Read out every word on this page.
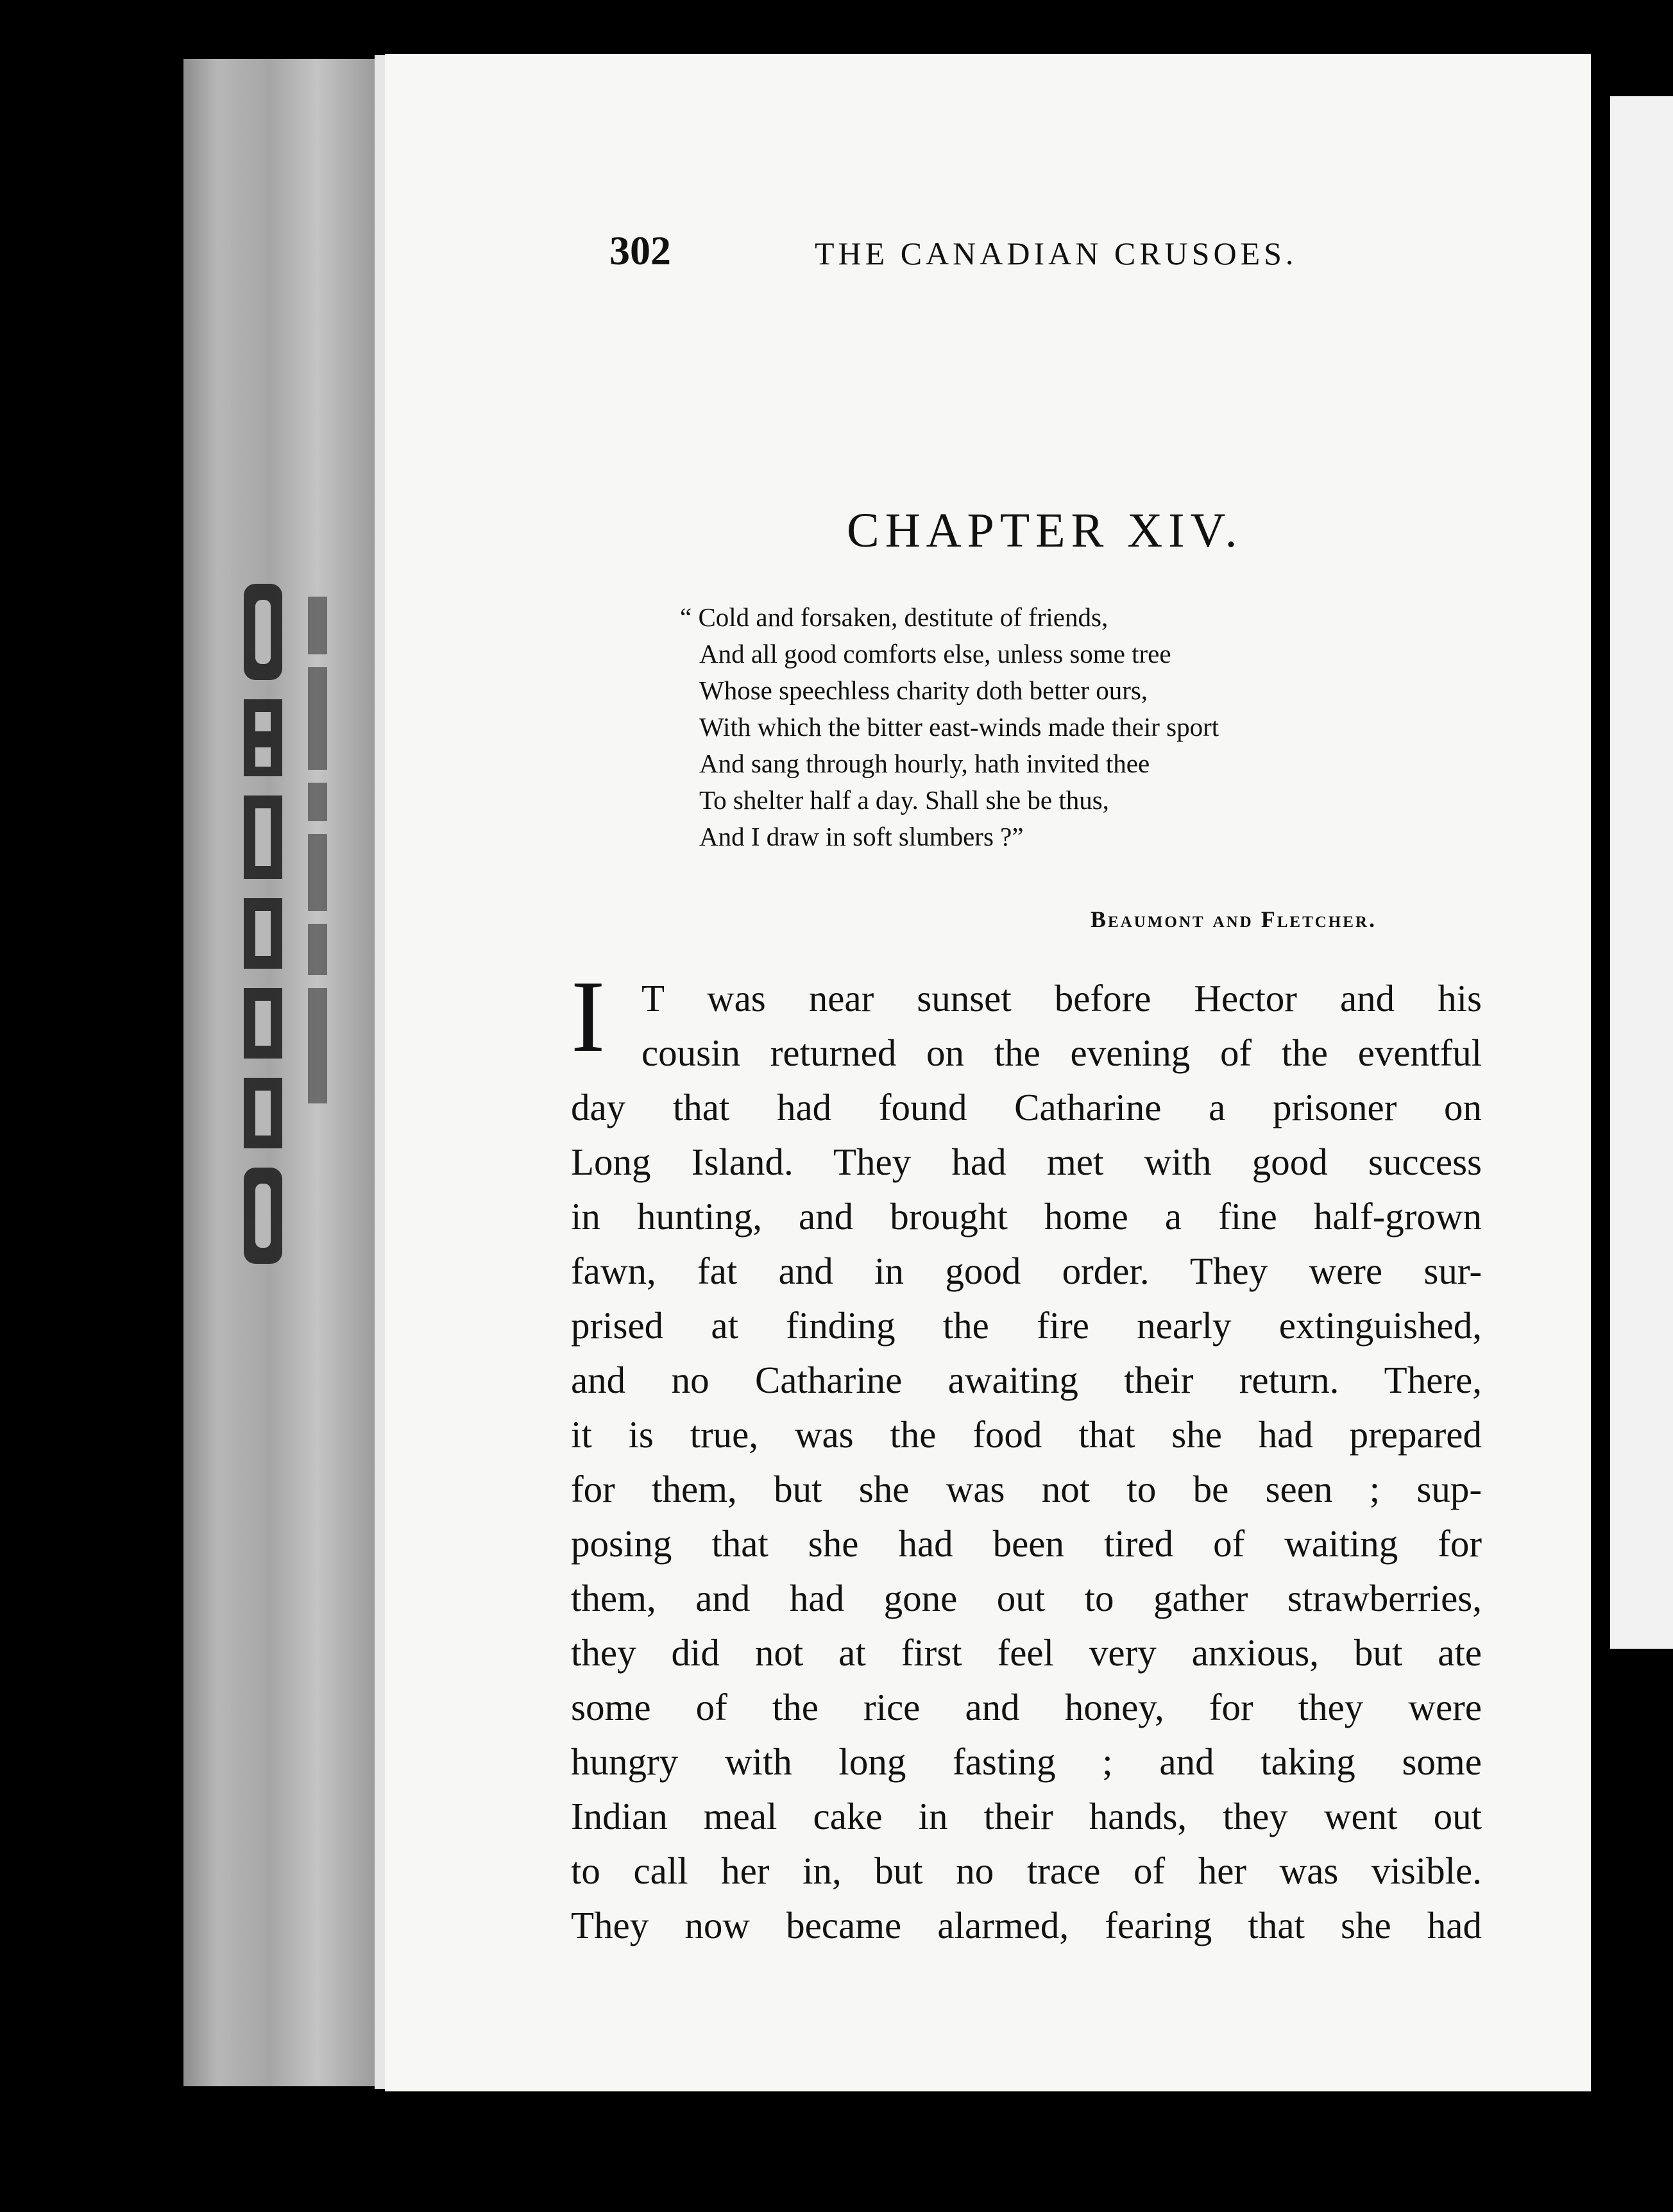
302	THE CANADIAN CRUSOES.
CHAPTER XIV.
“ Cold and forsaken, destitute of friends,
And all good comforts else, unless some tree
Whose speechless charity doth better ours,
With which the bitter east-winds made their sport
And sang through hourly, hath invited thee
To shelter half a day. Shall she be thus,
And I draw in soft slumbers ?”
Beaumont and Fletcher.
I T was near sunset before Hector and his
cousin returned on the evening of the eventful
day that had found Catharine a prisoner on
Long Island. They had met with good success
in hunting, and brought home a fine half-grown
fawn, fat and in good order. They were sur-
prised at finding the fire nearly extinguished,
and no Catharine awaiting their return. There,
it is true, was the food that she had prepared
for them, but she was not to be seen ; sup-
posing that she had been tired of waiting for
them, and had gone out to gather strawberries,
they did not at first feel very anxious, but ate
some of the rice and honey, for they were
hungry with long fasting ; and taking some
Indian meal cake in their hands, they went out
to call her in, but no trace of her was visible.
They now became alarmed, fearing that she had
